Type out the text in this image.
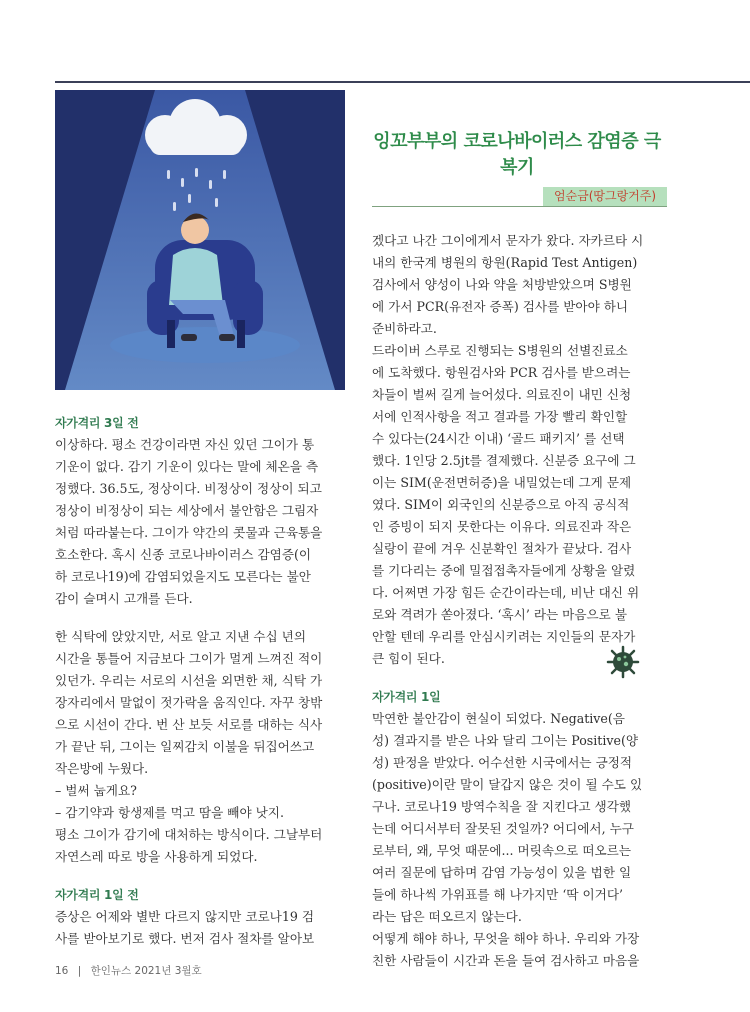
잉꼬부부의 코로나바이러스 감염증 극복기
엄순금(땅그랑거주)

자가격리 3일 전

이상하다. 평소 건강이라면 자신 있던 그이가 통

기운이 없다. 감기 기운이 있다는 말에 체온을 측

정했다. 36.5도, 정상이다. 비정상이 정상이 되고

정상이 비정상이 되는 세상에서 불안함은 그림자

처럼 따라붙는다. 그이가 약간의 콧물과 근육통을

호소한다. 혹시 신종 코로나바이러스 감염증(이

하 코로나19)에 감염되었을지도 모른다는 불안

감이 슬며시 고개를 든다.

한 식탁에 앉았지만, 서로 알고 지낸 수십 년의

시간을 통틀어 지금보다 그이가 멀게 느껴진 적이

있던가. 우리는 서로의 시선을 외면한 채, 식탁 가

장자리에서 말없이 젓가락을 움직인다. 자꾸 창밖

으로 시선이 간다. 번 산 보듯 서로를 대하는 식사

가 끝난 뒤, 그이는 일찌감치 이불을 뒤집어쓰고

작은방에 누웠다.

– 벌써 눕게요?

– 감기약과 항생제를 먹고 땀을 빼야 낫지.

평소 그이가 감기에 대처하는 방식이다. 그날부터

자연스레 따로 방을 사용하게 되었다.

자가격리 1일 전

증상은 어제와 별반 다르지 않지만 코로나19 검

사를 받아보기로 했다. 번저 검사 절차를 알아보

겠다고 나간 그이에게서 문자가 왔다. 자카르타 시

내의 한국계 병원의 항원(Rapid Test Antigen)

검사에서 양성이 나와 약을 처방받았으며 S병원

에 가서 PCR(유전자 증폭) 검사를 받아야 하니

준비하라고.

드라이버 스루로 진행되는 S병원의 선별진료소

에 도착했다. 항원검사와 PCR 검사를 받으려는

차들이 벌써 길게 늘어섰다. 의료진이 내민 신청

서에 인적사항을 적고 결과를 가장 빨리 확인할

수 있다는(24시간 이내) ‘골드 패키지’ 를 선택

했다. 1인당 2.5jt를 결제했다. 신분증 요구에 그

이는 SIM(운전면허증)을 내밀었는데 그게 문제

였다. SIM이 외국인의 신분증으로 아직 공식적

인 증빙이 되지 못한다는 이유다. 의료진과 작은

실랑이 끝에 겨우 신분확인 절차가 끝났다. 검사

를 기다리는 중에 밀접접촉자들에게 상황을 알렸

다. 어쩌면 가장 힘든 순간이라는데, 비난 대신 위

로와 격려가 쏟아졌다. ‘혹시’ 라는 마음으로 불

안할 텐데 우리를 안심시키려는 지인들의 문자가

큰 힘이 된다.

자가격리 1일

막연한 불안감이 현실이 되었다. Negative(음

성) 결과지를 받은 나와 달리 그이는 Positive(양

성) 판정을 받았다. 어수선한 시국에서는 긍정적

(positive)이란 말이 달갑지 않은 것이 될 수도 있

구나. 코로나19 방역수칙을 잘 지킨다고 생각했

는데 어디서부터 잘못된 것일까? 어디에서, 누구

로부터, 왜, 무엇 때문에... 머릿속으로 떠오르는

여러 질문에 답하며 감염 가능성이 있을 법한 일

들에 하나씩 가위표를 해 나가지만 ‘딱 이거다’

라는 답은 떠오르지 않는다.

어떻게 해야 하나, 무엇을 해야 하나. 우리와 가장

친한 사람들이 시간과 돈을 들여 검사하고 마음을

16 | 한인뉴스 2021년 3월호
